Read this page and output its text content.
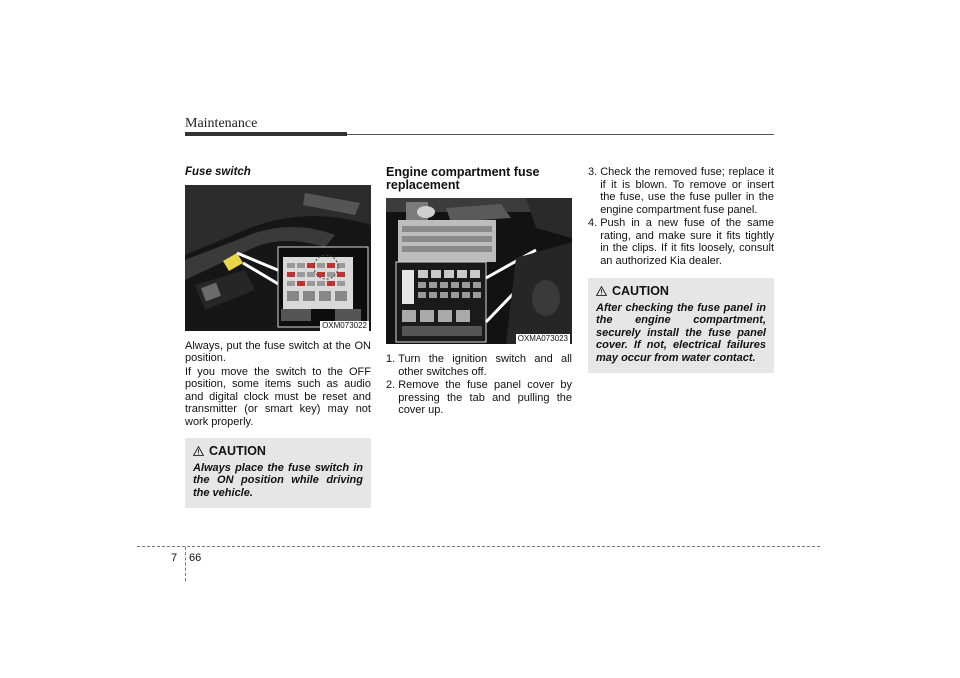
Maintenance
Fuse switch
OXM073022

Always, put the fuse switch at the ON position.

If you move the switch to the OFF position, some items such as audio and digital clock must be reset and transmitter (or smart key) may not work properly.

CAUTION
Always place the fuse switch in the ON position while driving the vehicle.
Engine compartment fuse replacement
OXMA073023
1. Turn the ignition switch and all other switches off.
2. Remove the fuse panel cover by pressing the tab and pulling the cover up.
3. Check the removed fuse; replace it if it is blown. To remove or insert the fuse, use the fuse puller in the engine compartment fuse panel.
4. Push in a new fuse of the same rating, and make sure it fits tightly in the clips. If it fits loosely, consult an authorized Kia dealer.
CAUTION
After checking the fuse panel in the engine compartment, securely install the fuse panel cover. If not, electrical failures may occur from water contact.
7 66
